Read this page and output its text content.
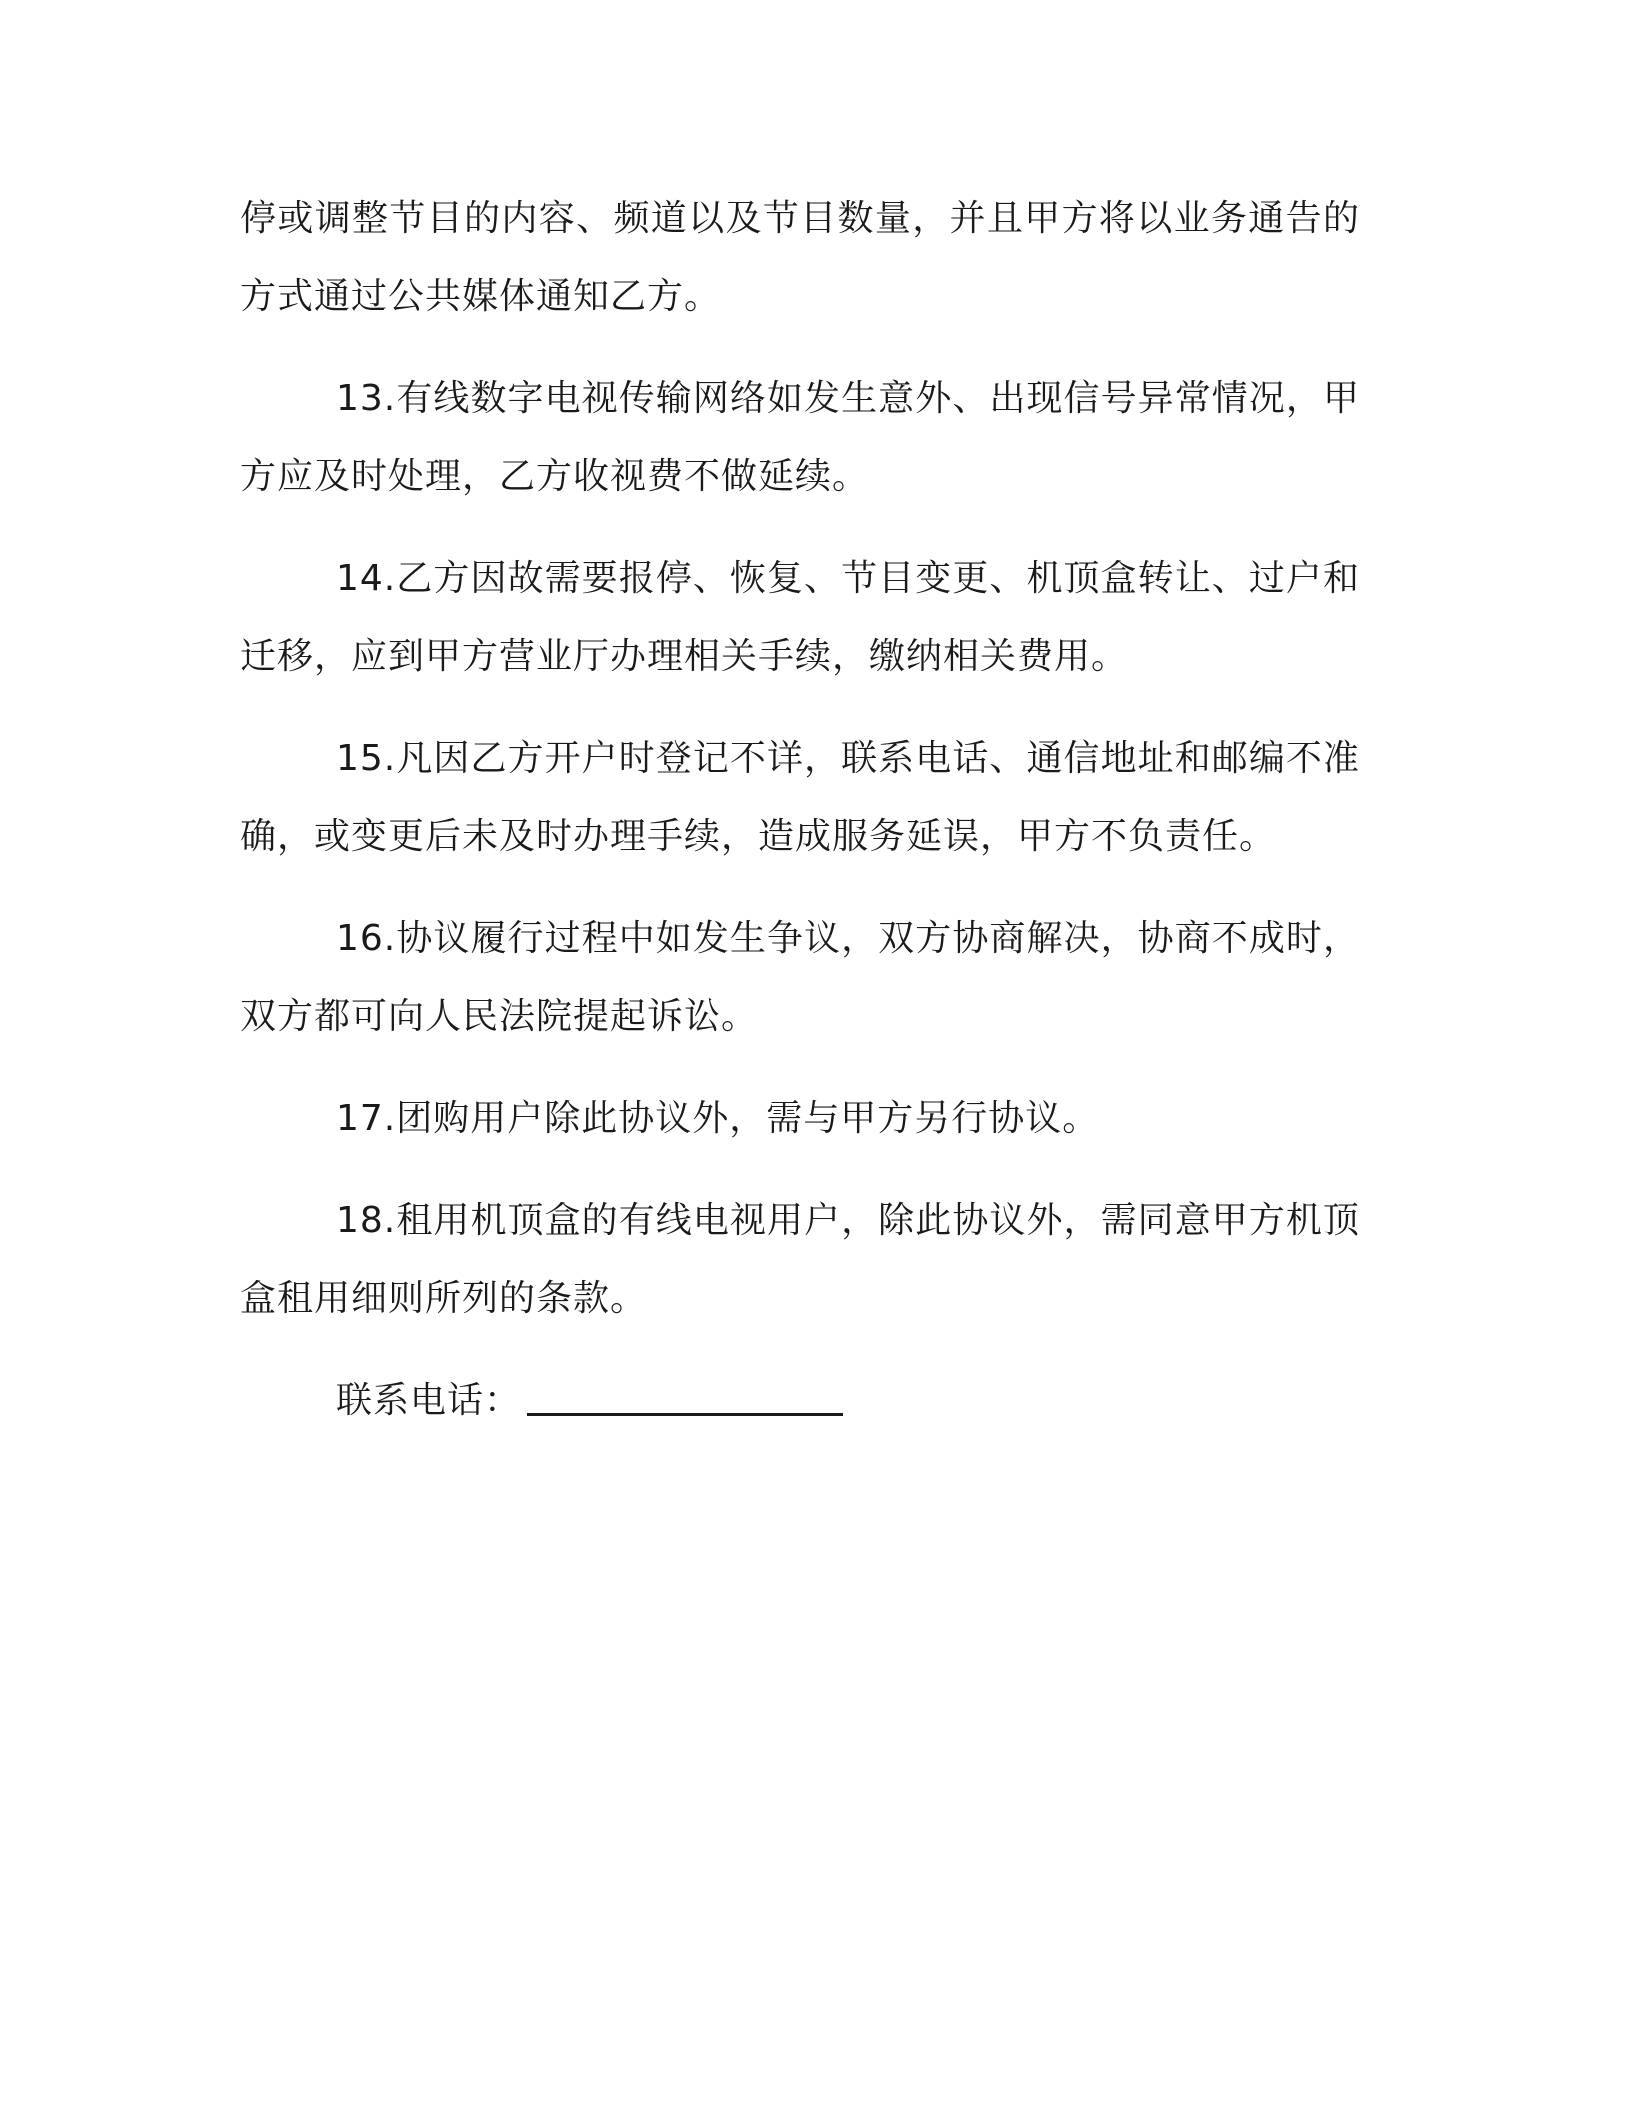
停或调整节目的内容、频道以及节目数量，并且甲方将以业务通告的方式通过公共媒体通知乙方。

13.有线数字电视传输网络如发生意外、出现信号异常情况，甲方应及时处理，乙方收视费不做延续。

14.乙方因故需要报停、恢复、节目变更、机顶盒转让、过户和迁移，应到甲方营业厅办理相关手续，缴纳相关费用。

15.凡因乙方开户时登记不详，联系电话、通信地址和邮编不准确，或变更后未及时办理手续，造成服务延误，甲方不负责任。

16.协议履行过程中如发生争议，双方协商解决，协商不成时，双方都可向人民法院提起诉讼。

17.团购用户除此协议外，需与甲方另行协议。

18.租用机顶盒的有线电视用户，除此协议外，需同意甲方机顶盒租用细则所列的条款。

联系电话：
